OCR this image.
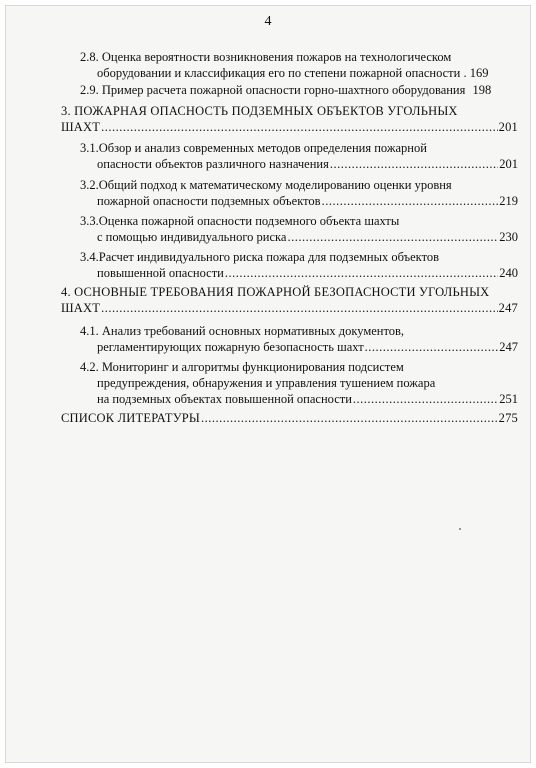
4
2.8. Оценка вероятности возникновения пожаров на технологическом
оборудовании и классификация его по степени пожарной опасности . 169
2.9. Пример расчета пожарной опасности горно-шахтного оборудования 198
3. ПОЖАРНАЯ ОПАСНОСТЬ ПОДЗЕМНЫХ ОБЪЕКТОВ УГОЛЬНЫХ
ШАХТ .....	201
3.1.Обзор и анализ современных методов определения пожарной
опасности объектов различного назначения .....	201
3.2.Общий подход к математическому моделированию оценки уровня
пожарной опасности подземных объектов .....	219
3.3.Оценка пожарной опасности подземного объекта шахты
с помощью индивидуального риска .....	230
3.4.Расчет индивидуального риска пожара для подземных объектов
повышенной опасности .....	240
4. ОСНОВНЫЕ ТРЕБОВАНИЯ ПОЖАРНОЙ БЕЗОПАСНОСТИ УГОЛЬНЫХ
ШАХТ .....	247
4.1. Анализ требований основных нормативных документов,
регламентирующих пожарную безопасность шахт .....	247
4.2. Мониторинг и алгоритмы функционирования подсистем
предупреждения, обнаружения и управления тушением пожара
на подземных объектах повышенной опасности .....	251
СПИСОК ЛИТЕРАТУРЫ .....	275
